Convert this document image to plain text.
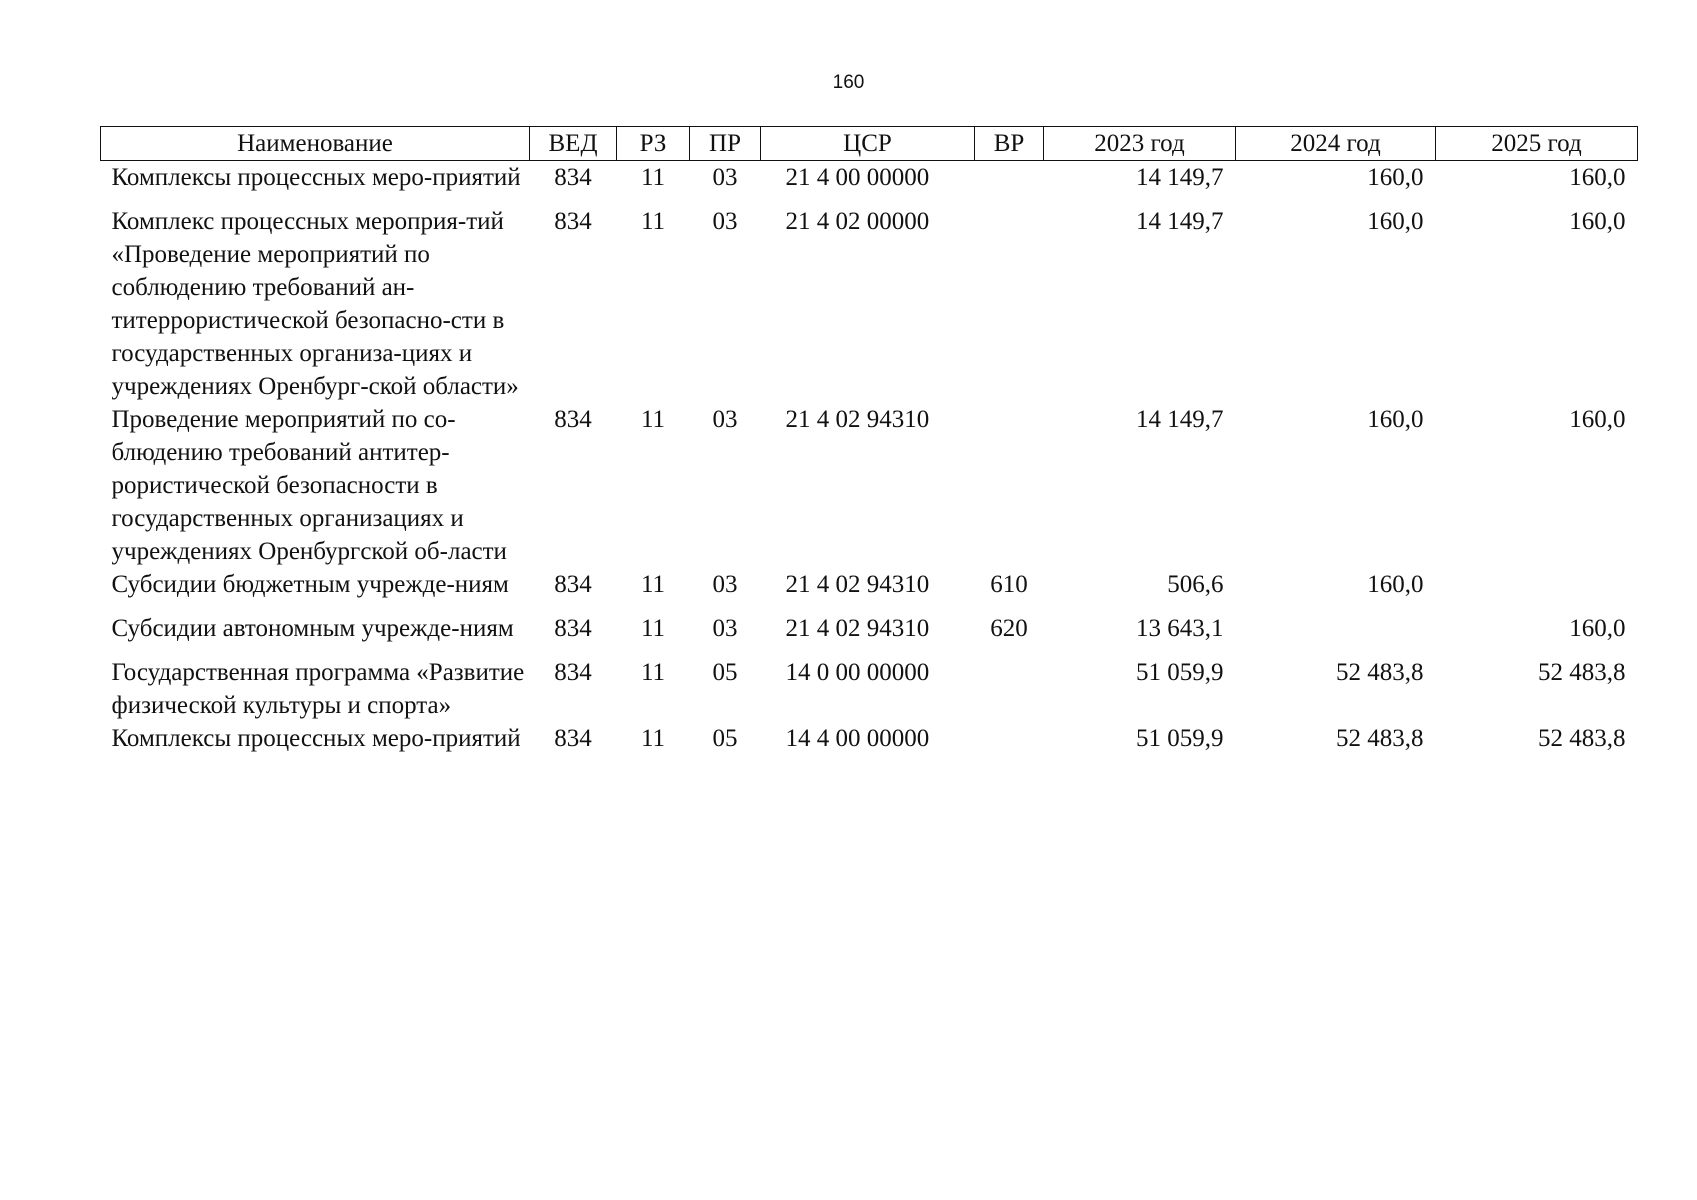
160
Наименование	ВЕД	РЗ	ПР	ЦСР	ВР	2023 год	2024 год	2025 год
Комплексы процессных меро-приятий	834	11	03	21 4 00 00000		14 149,7	160,0	160,0
Комплекс процессных мероприя-тий «Проведение мероприятий по соблюдению требований ан-титеррористической безопасно-сти в государственных организа-циях и учреждениях Оренбург-ской области»	834	11	03	21 4 02 00000		14 149,7	160,0	160,0
Проведение мероприятий по со-блюдению требований антитер-рористической безопасности в государственных организациях и учреждениях Оренбургской об-ласти	834	11	03	21 4 02 94310		14 149,7	160,0	160,0
Субсидии бюджетным учрежде-ниям	834	11	03	21 4 02 94310	610	506,6	160,0	
Субсидии автономным учрежде-ниям	834	11	03	21 4 02 94310	620	13 643,1		160,0
Государственная программа «Развитие физической культуры и спорта»	834	11	05	14 0 00 00000		51 059,9	52 483,8	52 483,8
Комплексы процессных меро-приятий	834	11	05	14 4 00 00000		51 059,9	52 483,8	52 483,8
